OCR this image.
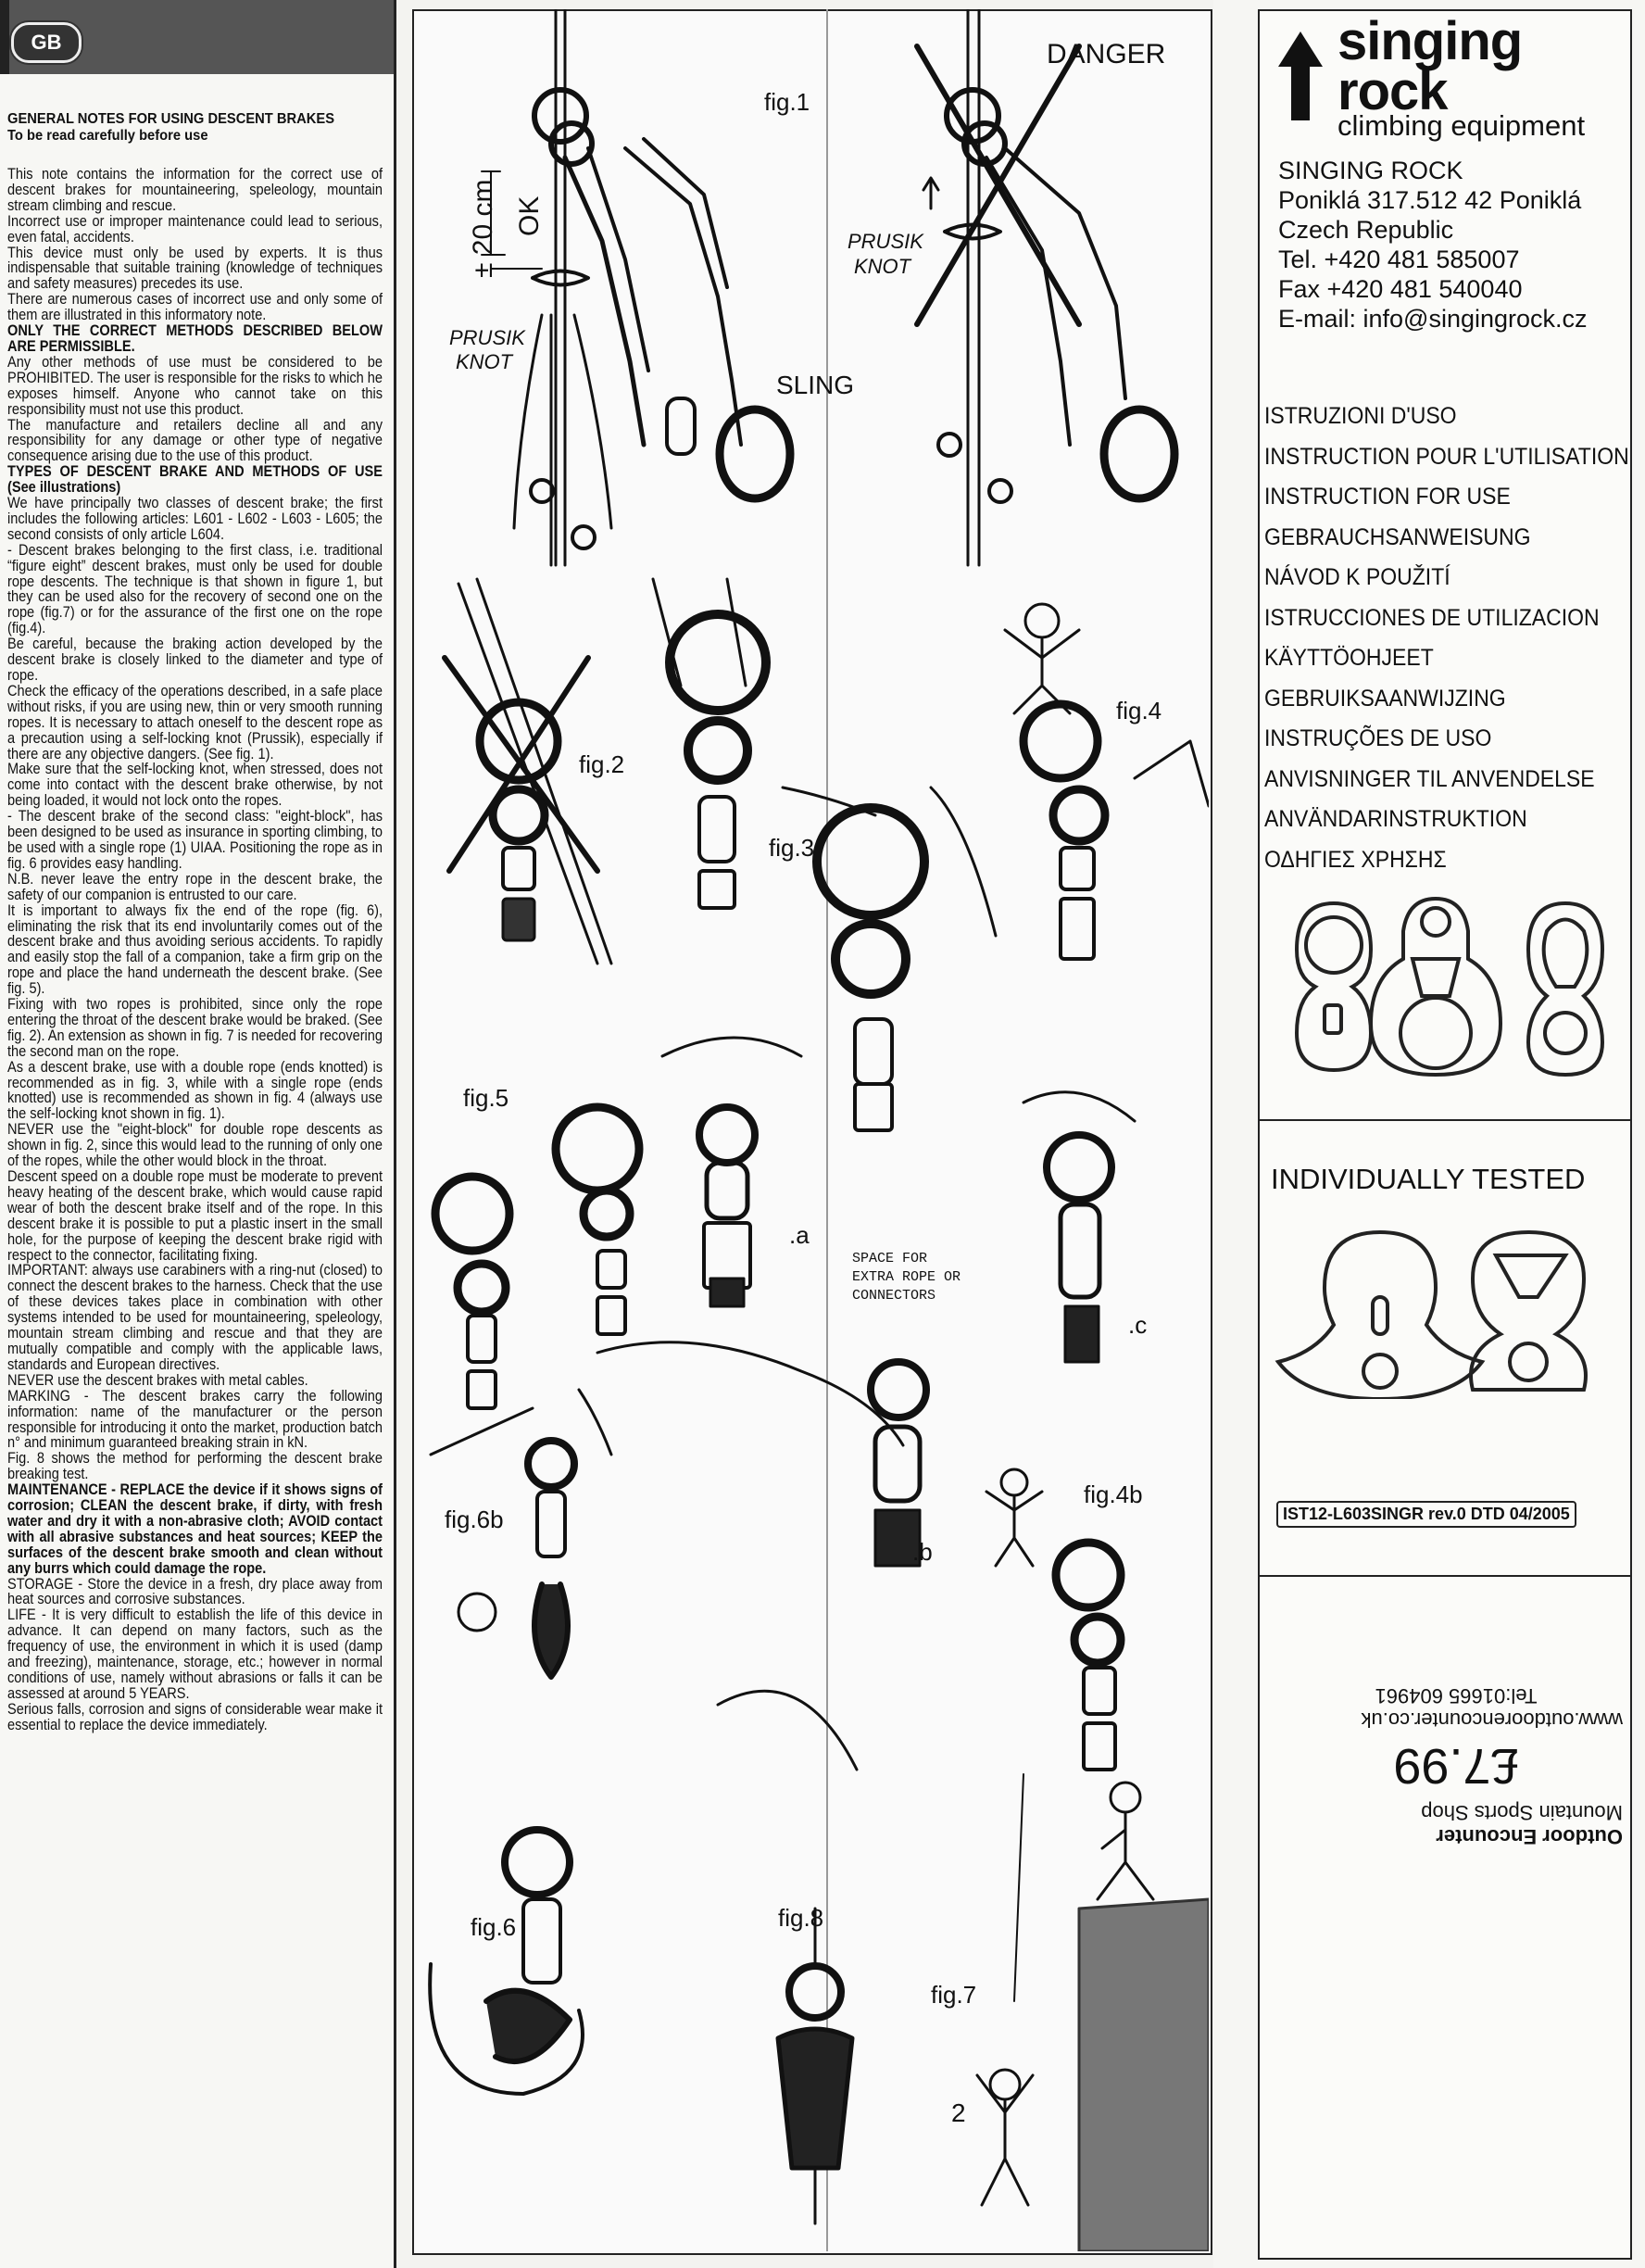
GB
GENERAL NOTES FOR USING DESCENT BRAKES
To be read carefully before use

This note contains the information for the correct use of descent brakes for mountaineering, speleology, mountain stream climbing and rescue.

Incorrect use or improper maintenance could lead to serious, even fatal, accidents.

This device must only be used by experts. It is thus indispensable that suitable training (knowledge of techniques and safety measures) precedes its use.

There are numerous cases of incorrect use and only some of them are illustrated in this informatory note.

ONLY THE CORRECT METHODS DESCRIBED BELOW ARE PERMISSIBLE.

Any other methods of use must be considered to be PROHIBITED. The user is responsible for the risks to which he exposes himself. Anyone who cannot take on this responsibility must not use this product.

The manufacture and retailers decline all and any responsibility for any damage or other type of negative consequence arising due to the use of this product.

TYPES OF DESCENT BRAKE AND METHODS OF USE (See illustrations)

We have principally two classes of descent brake; the first includes the following articles: L601 - L602 - L603 - L605; the second consists of only article L604.

- Descent brakes belonging to the first class, i.e. traditional “figure eight” descent brakes, must only be used for double rope descents. The technique is that shown in figure 1, but they can be used also for the recovery of second one on the rope (fig.7) or for the assurance of the first one on the rope (fig.4).

Be careful, because the braking action developed by the descent brake is closely linked to the diameter and type of rope.

Check the efficacy of the operations described, in a safe place without risks, if you are using new, thin or very smooth running ropes. It is necessary to attach oneself to the descent rope as a precaution using a self-locking knot (Prussik), especially if there are any objective dangers. (See fig. 1).

Make sure that the self-locking knot, when stressed, does not come into contact with the descent brake otherwise, by not being loaded, it would not lock onto the ropes.

- The descent brake of the second class: "eight-block", has been designed to be used as insurance in sporting climbing, to be used with a single rope (1) UIAA. Positioning the rope as in fig. 6 provides easy handling.

N.B. never leave the entry rope in the descent brake, the safety of our companion is entrusted to our care.

It is important to always fix the end of the rope (fig. 6), eliminating the risk that its end involuntarily comes out of the descent brake and thus avoiding serious accidents. To rapidly and easily stop the fall of a companion, take a firm grip on the rope and place the hand underneath the descent brake. (See fig. 5).

Fixing with two ropes is prohibited, since only the rope entering the throat of the descent brake would be braked. (See fig. 2). An extension as shown in fig. 7 is needed for recovering the second man on the rope.

As a descent brake, use with a double rope (ends knotted) is recommended as in fig. 3, while with a single rope (ends knotted) use is recommended as shown in fig. 4 (always use the self-locking knot shown in fig. 1).

NEVER use the "eight-block" for double rope descents as shown in fig. 2, since this would lead to the running of only one of the ropes, while the other would block in the throat.

Descent speed on a double rope must be moderate to prevent heavy heating of the descent brake, which would cause rapid wear of both the descent brake itself and of the rope. In this descent brake it is possible to put a plastic insert in the small hole, for the purpose of keeping the descent brake rigid with respect to the connector, facilitating fixing.

IMPORTANT: always use carabiners with a ring-nut (closed) to connect the descent brakes to the harness. Check that the use of these devices takes place in combination with other systems intended to be used for mountaineering, speleology, mountain stream climbing and rescue and that they are mutually compatible and comply with the applicable laws, standards and European directives.

NEVER use the descent brakes with metal cables.

MARKING - The descent brakes carry the following information: name of the manufacturer or the person responsible for introducing it onto the market, production batch n° and minimum guaranteed breaking strain in kN.

Fig. 8 shows the method for performing the descent brake breaking test.

MAINTENANCE - REPLACE the device if it shows signs of corrosion; CLEAN the descent brake, if dirty, with fresh water and dry it with a non-abrasive cloth; AVOID contact with all abrasive substances and heat sources; KEEP the surfaces of the descent brake smooth and clean without any burrs which could damage the rope.

STORAGE - Store the device in a fresh, dry place away from heat sources and corrosive substances.

LIFE - It is very difficult to establish the life of this device in advance. It can depend on many factors, such as the frequency of use, the environment in which it is used (damp and freezing), maintenance, storage, etc.; however in normal conditions of use, namely without abrasions or falls it can be assessed at around 5 YEARS.

Serious falls, corrosion and signs of considerable wear make it essential to replace the device immediately.

fig.1
DANGER
± 20 cm OK
PRUSIK
KNOT
PRUSIK
KNOT
SLING
fig.2
fig.3
fig.4
fig.5
.a
.c
.b
SPACE FOR
EXTRA ROPE OR
CONNECTORS
fig.6b
fig.4b
fig.6	fig.8
fig.7
2
singing
rock
climbing equipment
SINGING ROCK
Poniklá 317.512 42 Poniklá
Czech Republic
Tel. +420 481 585007
Fax +420 481 540040
E-mail: info@singingrock.cz
ISTRUZIONI D'USO
INSTRUCTION POUR L'UTILISATION
INSTRUCTION FOR USE
GEBRAUCHSANWEISUNG
NÁVOD K POUŽITÍ
ISTRUCCIONES DE UTILIZACION
KÄYTTÖOHJEET
GEBRUIKSAANWIJZING
INSTRUÇÕES DE USO
ANVISNINGER TIL ANVENDELSE
ANVÄNDARINSTRUKTION
ΟΔΗΓΙΕΣ ΧΡΗΣΗΣ
INDIVIDUALLY TESTED
IST12-L603SINGR rev.0 DTD 04/2005
Outdoor Encounter
Mountain Sports Shop
£7.99
www.outdoorencounter.co.uk
Tel:01665 604961
